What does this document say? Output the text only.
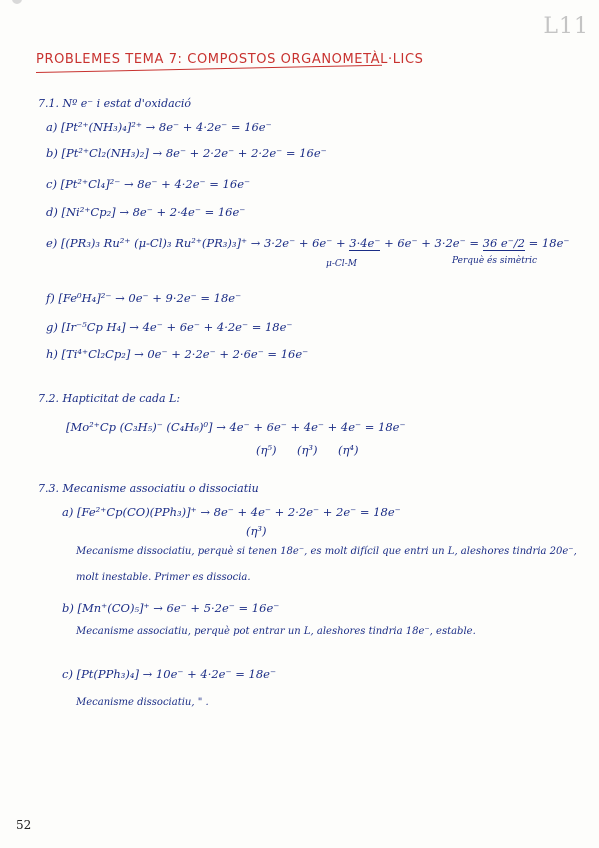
L11
PROBLEMES TEMA 7: COMPOSTOS ORGANOMETÀL·LICS
7.1. Nº e⁻ i estat d'oxidació
a) [Pt²⁺(NH₃)₄]²⁺ → 8e⁻ + 4·2e⁻ = 16e⁻
b) [Pt²⁺Cl₂(NH₃)₂] → 8e⁻ + 2·2e⁻ + 2·2e⁻ = 16e⁻
c) [Pt²⁺Cl₄]²⁻ → 8e⁻ + 4·2e⁻ = 16e⁻
d) [Ni²⁺Cp₂] → 8e⁻ + 2·4e⁻ = 16e⁻
e) [(PR₃)₃ Ru²⁺ (μ-Cl)₃ Ru²⁺(PR₃)₃]⁺ → 3·2e⁻ + 6e⁻ + 3·4e⁻ + 6e⁻ + 3·2e⁻ = 36 e⁻/2 = 18e⁻
μ-Cl-M	Perquè és simètric
f) [Fe⁰H₄]²⁻ → 0e⁻ + 9·2e⁻ = 18e⁻
g) [Ir⁻⁵Cp H₄] → 4e⁻ + 6e⁻ + 4·2e⁻ = 18e⁻
h) [Ti⁴⁺Cl₂Cp₂] → 0e⁻ + 2·2e⁻ + 2·6e⁻ = 16e⁻
7.2. Hapticitat de cada L:
[Mo²⁺Cp (C₃H₅)⁻ (C₄H₆)⁰] → 4e⁻ + 6e⁻ + 4e⁻ + 4e⁻ = 18e⁻
(η⁵) (η³) (η⁴)
7.3. Mecanisme associatiu o dissociatiu
a) [Fe²⁺Cp(CO)(PPh₃)]⁺ → 8e⁻ + 4e⁻ + 2·2e⁻ + 2e⁻ = 18e⁻
(η³)
Mecanisme dissociatiu, perquè si tenen 18e⁻, es molt difícil que entri un L, aleshores tindria 20e⁻,
molt inestable. Primer es dissocia.
b) [Mn⁺(CO)₅]⁺ → 6e⁻ + 5·2e⁻ = 16e⁻
Mecanisme associatiu, perquè pot entrar un L, aleshores tindria 18e⁻, estable.
c) [Pt(PPh₃)₄] → 10e⁻ + 4·2e⁻ = 18e⁻
Mecanisme dissociatiu, " .
52
